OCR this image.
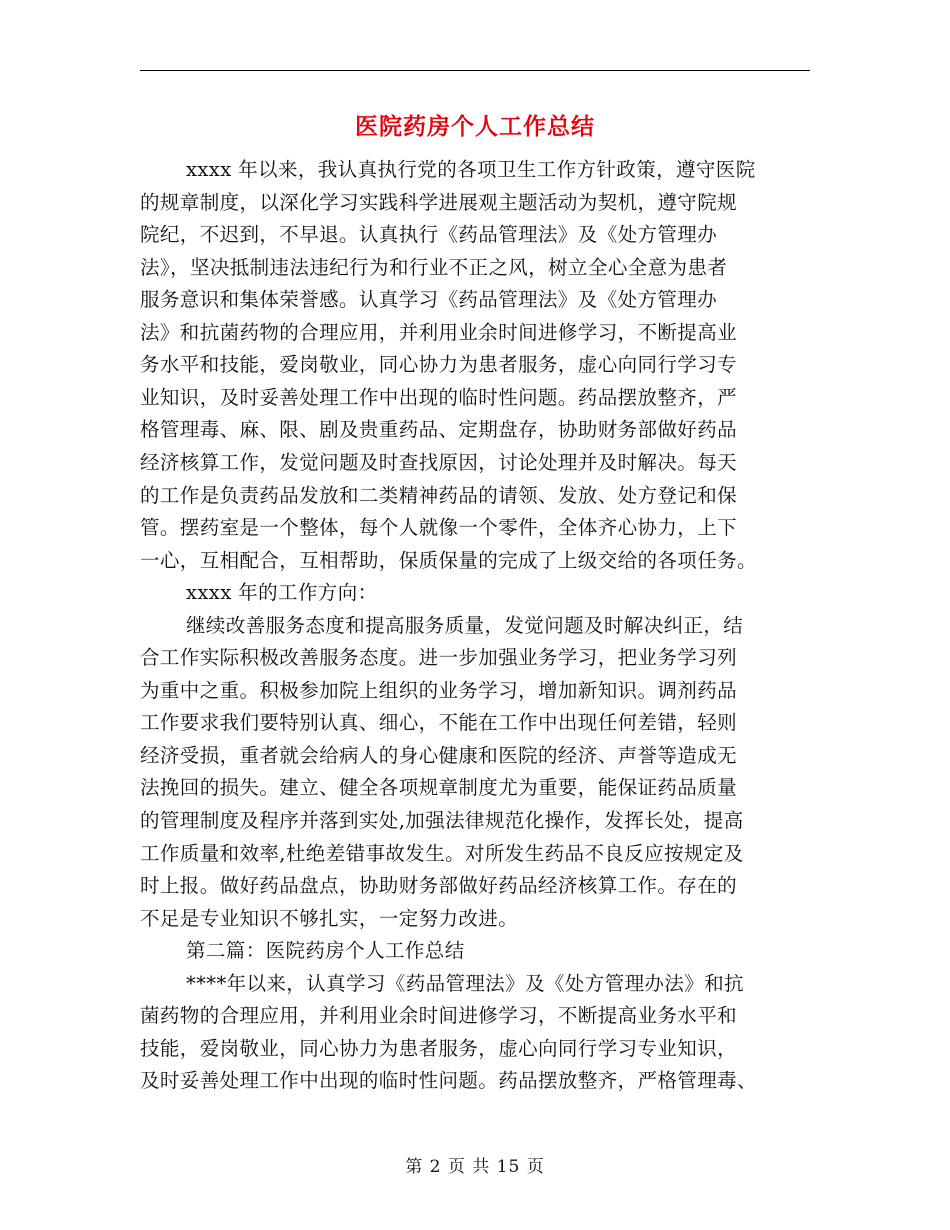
医院药房个人工作总结
xxxx 年以来，我认真执行党的各项卫生工作方针政策，遵守医院
的规章制度，以深化学习实践科学进展观主题活动为契机，遵守院规
院纪，不迟到，不早退。认真执行《药品管理法》及《处方管理办
法》，坚决抵制违法违纪行为和行业不正之风，树立全心全意为患者
服务意识和集体荣誉感。认真学习《药品管理法》及《处方管理办
法》和抗菌药物的合理应用，并利用业余时间进修学习，不断提高业
务水平和技能，爱岗敬业，同心协力为患者服务，虚心向同行学习专
业知识，及时妥善处理工作中出现的临时性问题。药品摆放整齐，严
格管理毒、麻、限、剧及贵重药品、定期盘存，协助财务部做好药品
经济核算工作，发觉问题及时查找原因，讨论处理并及时解决。每天
的工作是负责药品发放和二类精神药品的请领、发放、处方登记和保
管。摆药室是一个整体，每个人就像一个零件，全体齐心协力，上下
一心，互相配合，互相帮助，保质保量的完成了上级交给的各项任务。
xxxx 年的工作方向：
继续改善服务态度和提高服务质量，发觉问题及时解决纠正，结
合工作实际积极改善服务态度。进一步加强业务学习，把业务学习列
为重中之重。积极参加院上组织的业务学习，增加新知识。调剂药品
工作要求我们要特别认真、细心，不能在工作中出现任何差错，轻则
经济受损，重者就会给病人的身心健康和医院的经济、声誉等造成无
法挽回的损失。建立、健全各项规章制度尤为重要，能保证药品质量
的管理制度及程序并落到实处,加强法律规范化操作，发挥长处，提高
工作质量和效率,杜绝差错事故发生。对所发生药品不良反应按规定及
时上报。做好药品盘点，协助财务部做好药品经济核算工作。存在的
不足是专业知识不够扎实，一定努力改进。
第二篇：医院药房个人工作总结
****年以来，认真学习《药品管理法》及《处方管理办法》和抗
菌药物的合理应用，并利用业余时间进修学习，不断提高业务水平和
技能，爱岗敬业，同心协力为患者服务，虚心向同行学习专业知识，
及时妥善处理工作中出现的临时性问题。药品摆放整齐，严格管理毒、
第 2 页 共 15 页
